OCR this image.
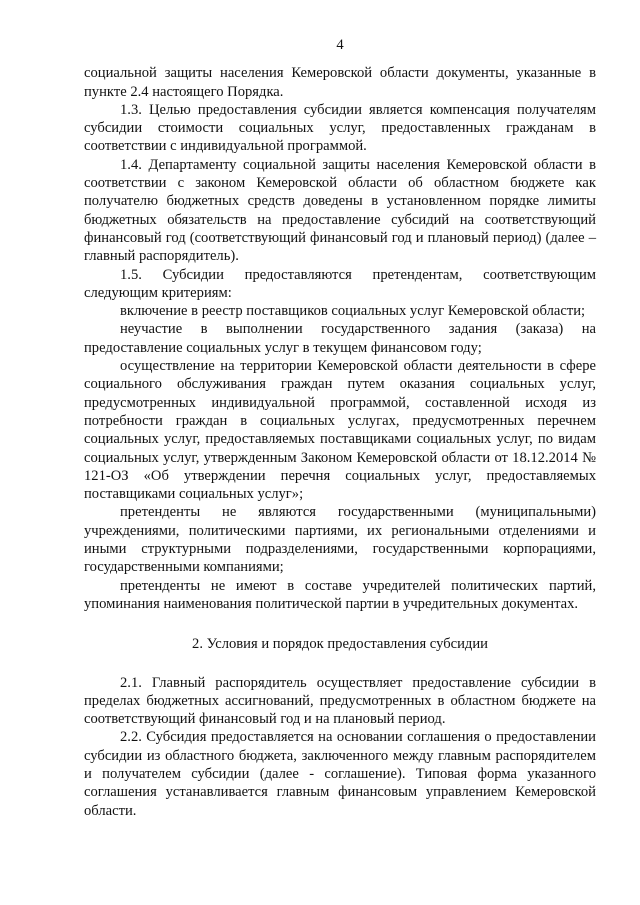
4

социальной защиты населения Кемеровской области документы, указанные в пункте 2.4 настоящего Порядка.

1.3. Целью предоставления субсидии является компенсация получателям субсидии стоимости социальных услуг, предоставленных гражданам в соответствии с индивидуальной программой.

1.4. Департаменту социальной защиты населения Кемеровской области в соответствии с законом Кемеровской области об областном бюджете как получателю бюджетных средств доведены в установленном порядке лимиты бюджетных обязательств на предоставление субсидий на соответствующий финансовый год (соответствующий финансовый год и плановый период) (далее – главный распорядитель).

1.5. Субсидии предоставляются претендентам, соответствующим следующим критериям:

включение в реестр поставщиков социальных услуг Кемеровской области;

неучастие в выполнении государственного задания (заказа) на предоставление социальных услуг в текущем финансовом году;

осуществление на территории Кемеровской области деятельности в сфере социального обслуживания граждан путем оказания социальных услуг, предусмотренных индивидуальной программой, составленной исходя из потребности граждан в социальных услугах, предусмотренных перечнем социальных услуг, предоставляемых поставщиками социальных услуг, по видам социальных услуг, утвержденным Законом Кемеровской области от 18.12.2014 № 121-ОЗ «Об утверждении перечня социальных услуг, предоставляемых поставщиками социальных услуг»;

претенденты не являются государственными (муниципальными) учреждениями, политическими партиями, их региональными отделениями и иными структурными подразделениями, государственными корпорациями, государственными компаниями;

претенденты не имеют в составе учредителей политических партий, упоминания наименования политической партии в учредительных документах.

2. Условия и порядок предоставления субсидии

2.1. Главный распорядитель осуществляет предоставление субсидии в пределах бюджетных ассигнований, предусмотренных в областном бюджете на соответствующий финансовый год и на плановый период.

2.2. Субсидия предоставляется на основании соглашения о предоставлении субсидии из областного бюджета, заключенного между главным распорядителем и получателем субсидии (далее - соглашение). Типовая форма указанного соглашения устанавливается главным финансовым управлением Кемеровской области.
